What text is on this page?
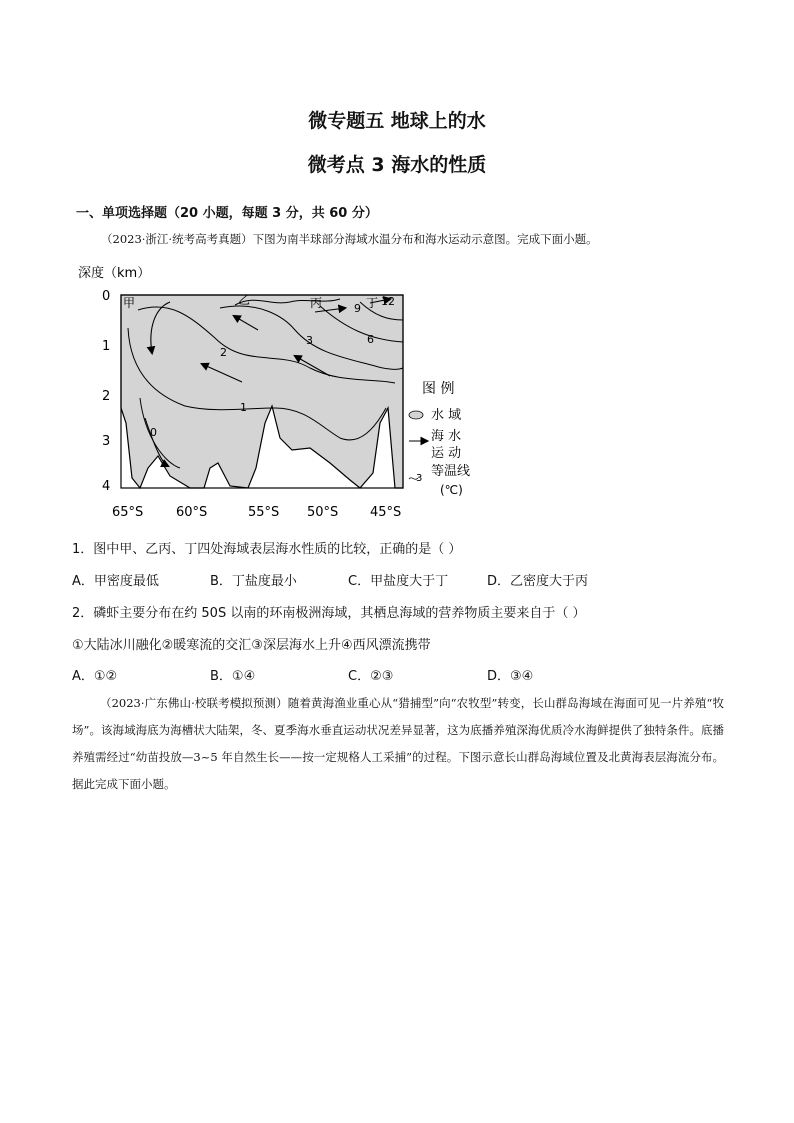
微专题五 地球上的水
微考点 3 海水的性质
一、单项选择题（20 小题，每题 3 分，共 60 分）
（2023·浙江·统考高考真题）下图为南半球部分海域水温分布和海水运动示意图。完成下面小题。
深度（km）
0
1
2
3
4
0
1
2
3	6
9
12
甲	乙	丙	丁
65°S	60°S	55°S 50°S 45°S
图 例
水 域
海 水
运 动
3 等温线
(℃)
1．图中甲、乙丙、丁四处海域表层海水性质的比较，正确的是（ ）
A．甲密度最低	B．丁盐度最小	C．甲盐度大于丁	D．乙密度大于丙
2．磷虾主要分布在约 50S 以南的环南极洲海域，其栖息海域的营养物质主要来自于（ ）
①大陆冰川融化②暖寒流的交汇③深层海水上升④西风漂流携带
A．①②	B．①④	C．②③	D．③④
（2023·广东佛山·校联考模拟预测）随着黄海渔业重心从“猎捕型”向“农牧型”转变，长山群岛海域在海面可见一片养殖“牧场”。该海域海底为海槽状大陆架，冬、夏季海水垂直运动状况差异显著，这为底播养殖深海优质冷水海鲜提供了独特条件。底播养殖需经过“幼苗投放—3~5 年自然生长——按一定规格人工采捕”的过程。下图示意长山群岛海域位置及北黄海表层海流分布。据此完成下面小题。
